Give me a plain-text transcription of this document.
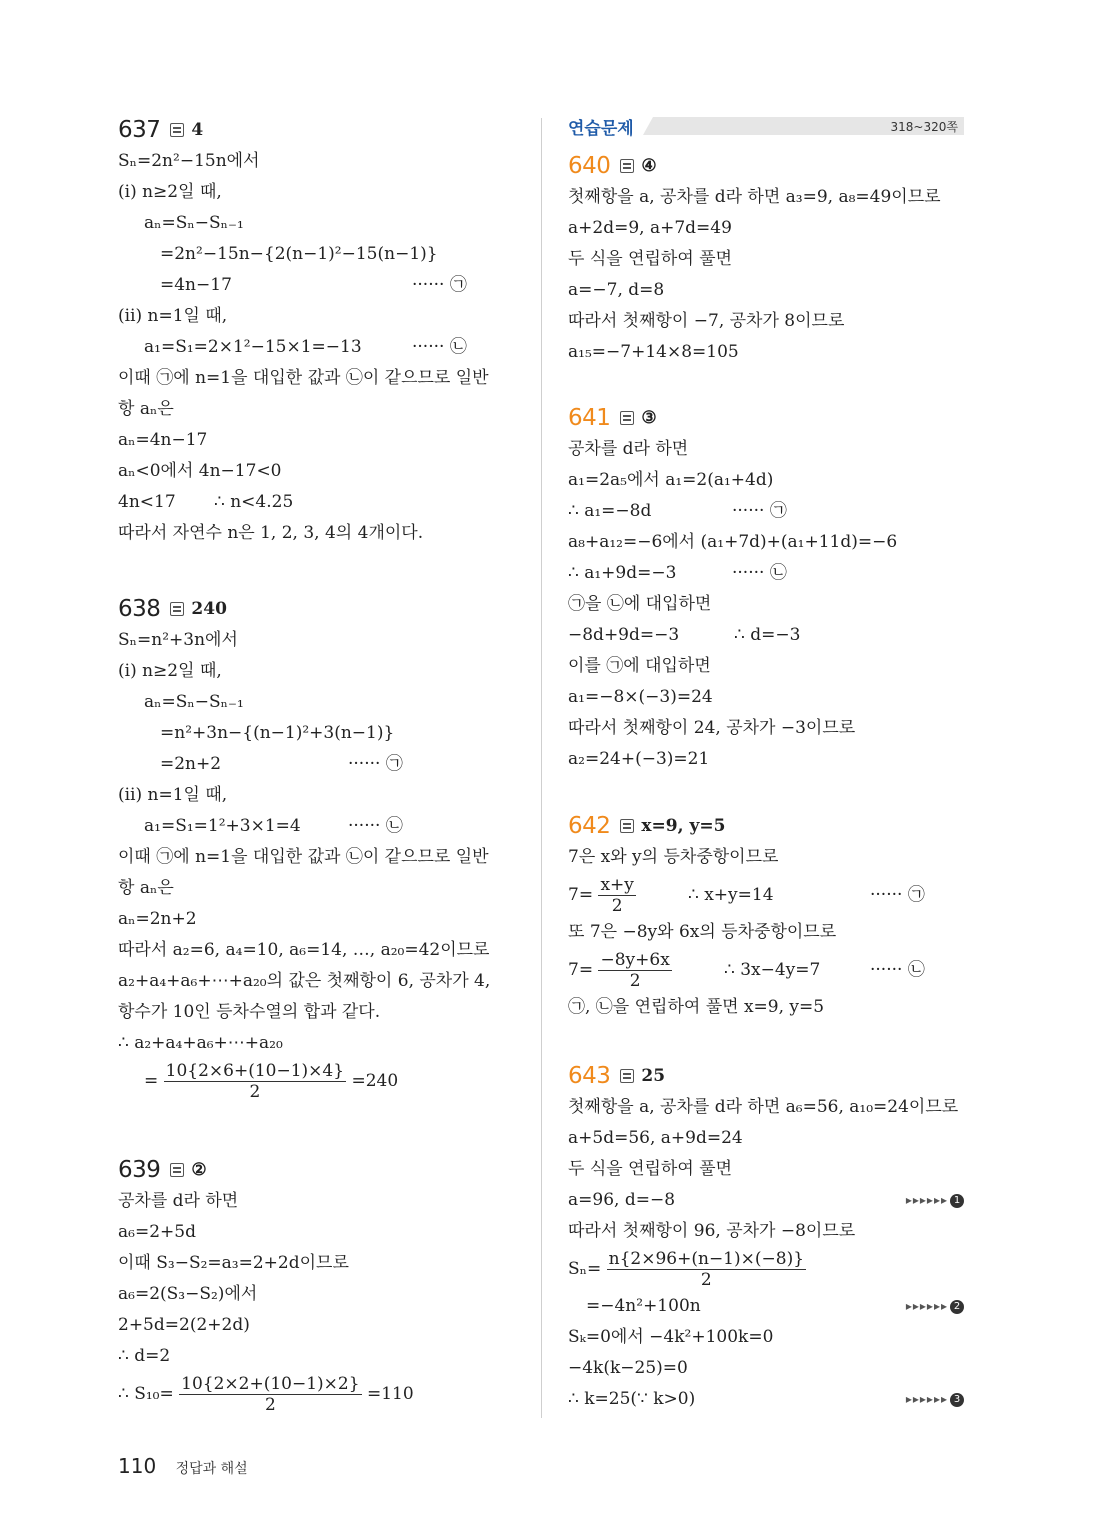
637 4
Sₙ=2n²−15n에서
(ⅰ) n≥2일 때,
aₙ=Sₙ−Sₙ₋₁
=2n²−15n−{2(n−1)²−15(n−1)}
=4n−17	······ ㉠
(ⅱ) n=1일 때,
a₁=S₁=2×1²−15×1=−13	······ ㉡
이때 ㉠에 n=1을 대입한 값과 ㉡이 같으므로 일반
항 aₙ은
aₙ=4n−17
aₙ<0에서 4n−17<0
4n<17 ∴ n<4.25
따라서 자연수 n은 1, 2, 3, 4의 4개이다.
638 240
Sₙ=n²+3n에서
(ⅰ) n≥2일 때,
aₙ=Sₙ−Sₙ₋₁
=n²+3n−{(n−1)²+3(n−1)}
=2n+2	······ ㉠
(ⅱ) n=1일 때,
a₁=S₁=1²+3×1=4	······ ㉡
이때 ㉠에 n=1을 대입한 값과 ㉡이 같으므로 일반
항 aₙ은
aₙ=2n+2
따라서 a₂=6, a₄=10, a₆=14, …, a₂₀=42이므로
a₂+a₄+a₆+⋯+a₂₀의 값은 첫째항이 6, 공차가 4,
항수가 10인 등차수열의 합과 같다.
∴ a₂+a₄+a₆+⋯+a₂₀
= $\frac{10\{2\times 6+(10-1)\times 4\}}{2} =240$
639 ②
공차를 d라 하면
a₆=2+5d
이때 S₃−S₂=a₃=2+2d이므로
a₆=2(S₃−S₂)에서
2+5d=2(2+2d)
∴ d=2
∴ $S_{10}= \frac{10\{2\times 2+(10-1)\times 2\}}{2} =110$
연습문제	318~320쪽
640 ④
첫째항을 a, 공차를 d라 하면 a₃=9, a₈=49이므로
a+2d=9, a+7d=49
두 식을 연립하여 풀면
a=−7, d=8
따라서 첫째항이 −7, 공차가 8이므로
a₁₅=−7+14×8=105
641 ③
공차를 d라 하면
a₁=2a₅에서 a₁=2(a₁+4d)
∴ a₁=−8d	······ ㉠
a₈+a₁₂=−6에서 (a₁+7d)+(a₁+11d)=−6
∴ a₁+9d=−3	······ ㉡
㉠을 ㉡에 대입하면
−8d+9d=−3	∴ d=−3
이를 ㉠에 대입하면
a₁=−8×(−3)=24
따라서 첫째항이 24, 공차가 −3이므로
a₂=24+(−3)=21
642 x=9, y=5
7은 x와 y의 등차중항이므로
$7= \frac{x+y}{2}$	∴ x+y=14	······ ㉠
또 7은 −8y와 6x의 등차중항이므로
$7= \frac{-8y+6x}{2}$	∴ 3x−4y=7	······ ㉡
㉠, ㉡을 연립하여 풀면 x=9, y=5
643 25
첫째항을 a, 공차를 d라 하면 a₆=56, a₁₀=24이므로
a+5d=56, a+9d=24
두 식을 연립하여 풀면
a=96, d=−8	▸▸▸▸▸▸ 1
따라서 첫째항이 96, 공차가 −8이므로
$S_n= \frac{n\{2\times 96+(n-1)\times(-8)\}}{2}$
=−4n²+100n	▸▸▸▸▸▸ 2
Sₖ=0에서 −4k²+100k=0
−4k(k−25)=0
∴ k=25(∵ k>0)	▸▸▸▸▸▸ 3
110 정답과 해설
